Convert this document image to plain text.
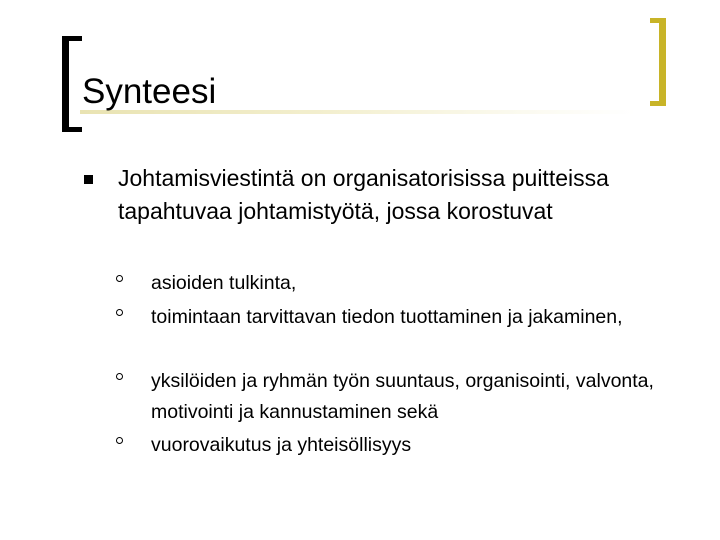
Synteesi
Johtamisviestintä on organisatorisissa puitteissa tapahtuvaa johtamistyötä, jossa korostuvat
asioiden tulkinta,
toimintaan tarvittavan tiedon tuottaminen ja jakaminen,
yksilöiden ja ryhmän työn suuntaus, organisointi, valvonta, motivointi ja kannustaminen sekä
vuorovaikutus ja yhteisöllisyys
